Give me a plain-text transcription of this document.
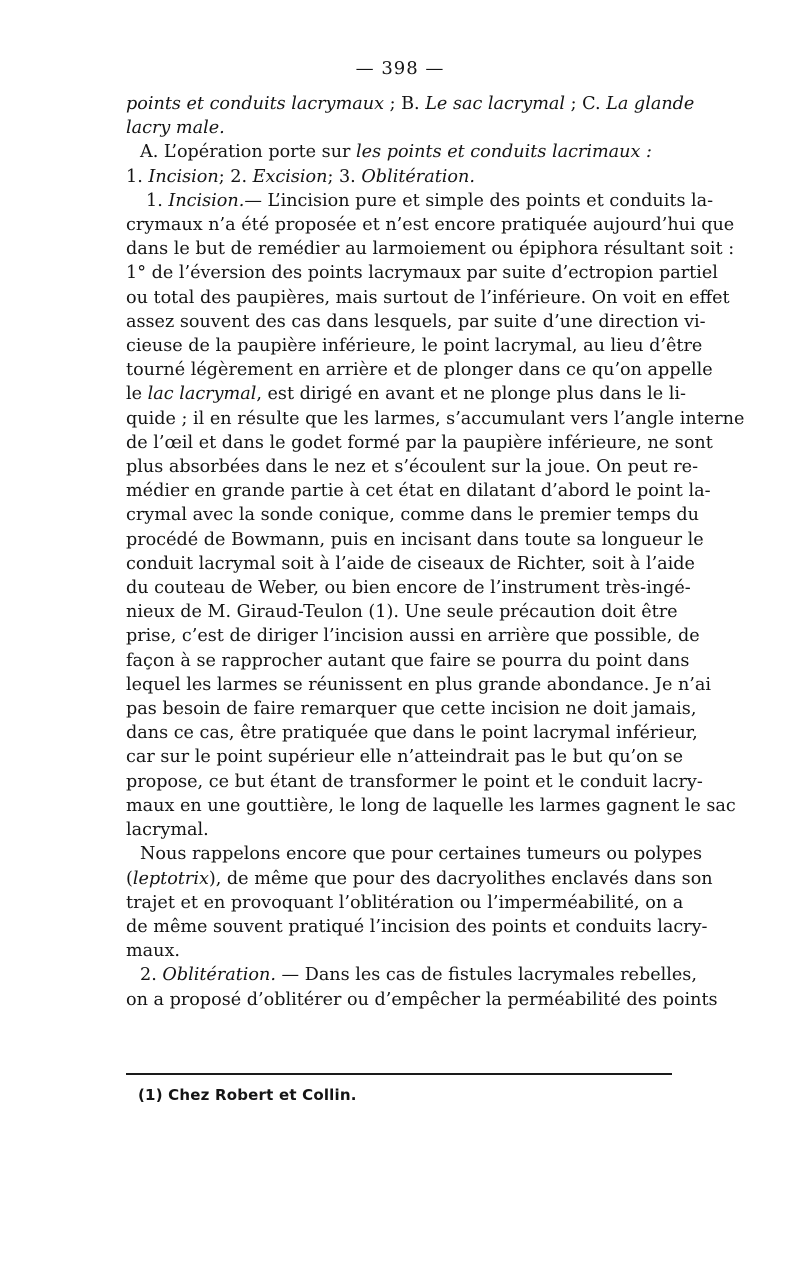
— 398 —
points et conduits lacrymaux ; B. Le sac lacrymal ; C. La glande
lacry male.
A. L’opération porte sur les points et conduits lacrimaux :
1. Incision; 2. Excision; 3. Oblitération.
1. Incision.— L’incision pure et simple des points et conduits la-
crymaux n’a été proposée et n’est encore pratiquée aujourd’hui que
dans le but de remédier au larmoiement ou épiphora résultant soit :
1° de l’éversion des points lacrymaux par suite d’ectropion partiel
ou total des paupières, mais surtout de l’inférieure. On voit en effet
assez souvent des cas dans lesquels, par suite d’une direction vi-
cieuse de la paupière inférieure, le point lacrymal, au lieu d’être
tourné légèrement en arrière et de plonger dans ce qu’on appelle
le lac lacrymal, est dirigé en avant et ne plonge plus dans le li-
quide ; il en résulte que les larmes, s’accumulant vers l’angle interne
de l’œil et dans le godet formé par la paupière inférieure, ne sont
plus absorbées dans le nez et s’écoulent sur la joue. On peut re-
médier en grande partie à cet état en dilatant d’abord le point la-
crymal avec la sonde conique, comme dans le premier temps du
procédé de Bowmann, puis en incisant dans toute sa longueur le
conduit lacrymal soit à l’aide de ciseaux de Richter, soit à l’aide
du couteau de Weber, ou bien encore de l’instrument très-ingé-
nieux de M. Giraud-Teulon (1). Une seule précaution doit être
prise, c’est de diriger l’incision aussi en arrière que possible, de
façon à se rapprocher autant que faire se pourra du point dans
lequel les larmes se réunissent en plus grande abondance. Je n’ai
pas besoin de faire remarquer que cette incision ne doit jamais,
dans ce cas, être pratiquée que dans le point lacrymal inférieur,
car sur le point supérieur elle n’atteindrait pas le but qu’on se
propose, ce but étant de transformer le point et le conduit lacry-
maux en une gouttière, le long de laquelle les larmes gagnent le sac
lacrymal.
Nous rappelons encore que pour certaines tumeurs ou polypes
(leptotrix), de même que pour des dacryolithes enclavés dans son
trajet et en provoquant l’oblitération ou l’imperméabilité, on a
de même souvent pratiqué l’incision des points et conduits lacry-
maux.
2. Oblitération. — Dans les cas de fistules lacrymales rebelles,
on a proposé d’oblitérer ou d’empêcher la perméabilité des points
(1) Chez Robert et Collin.
